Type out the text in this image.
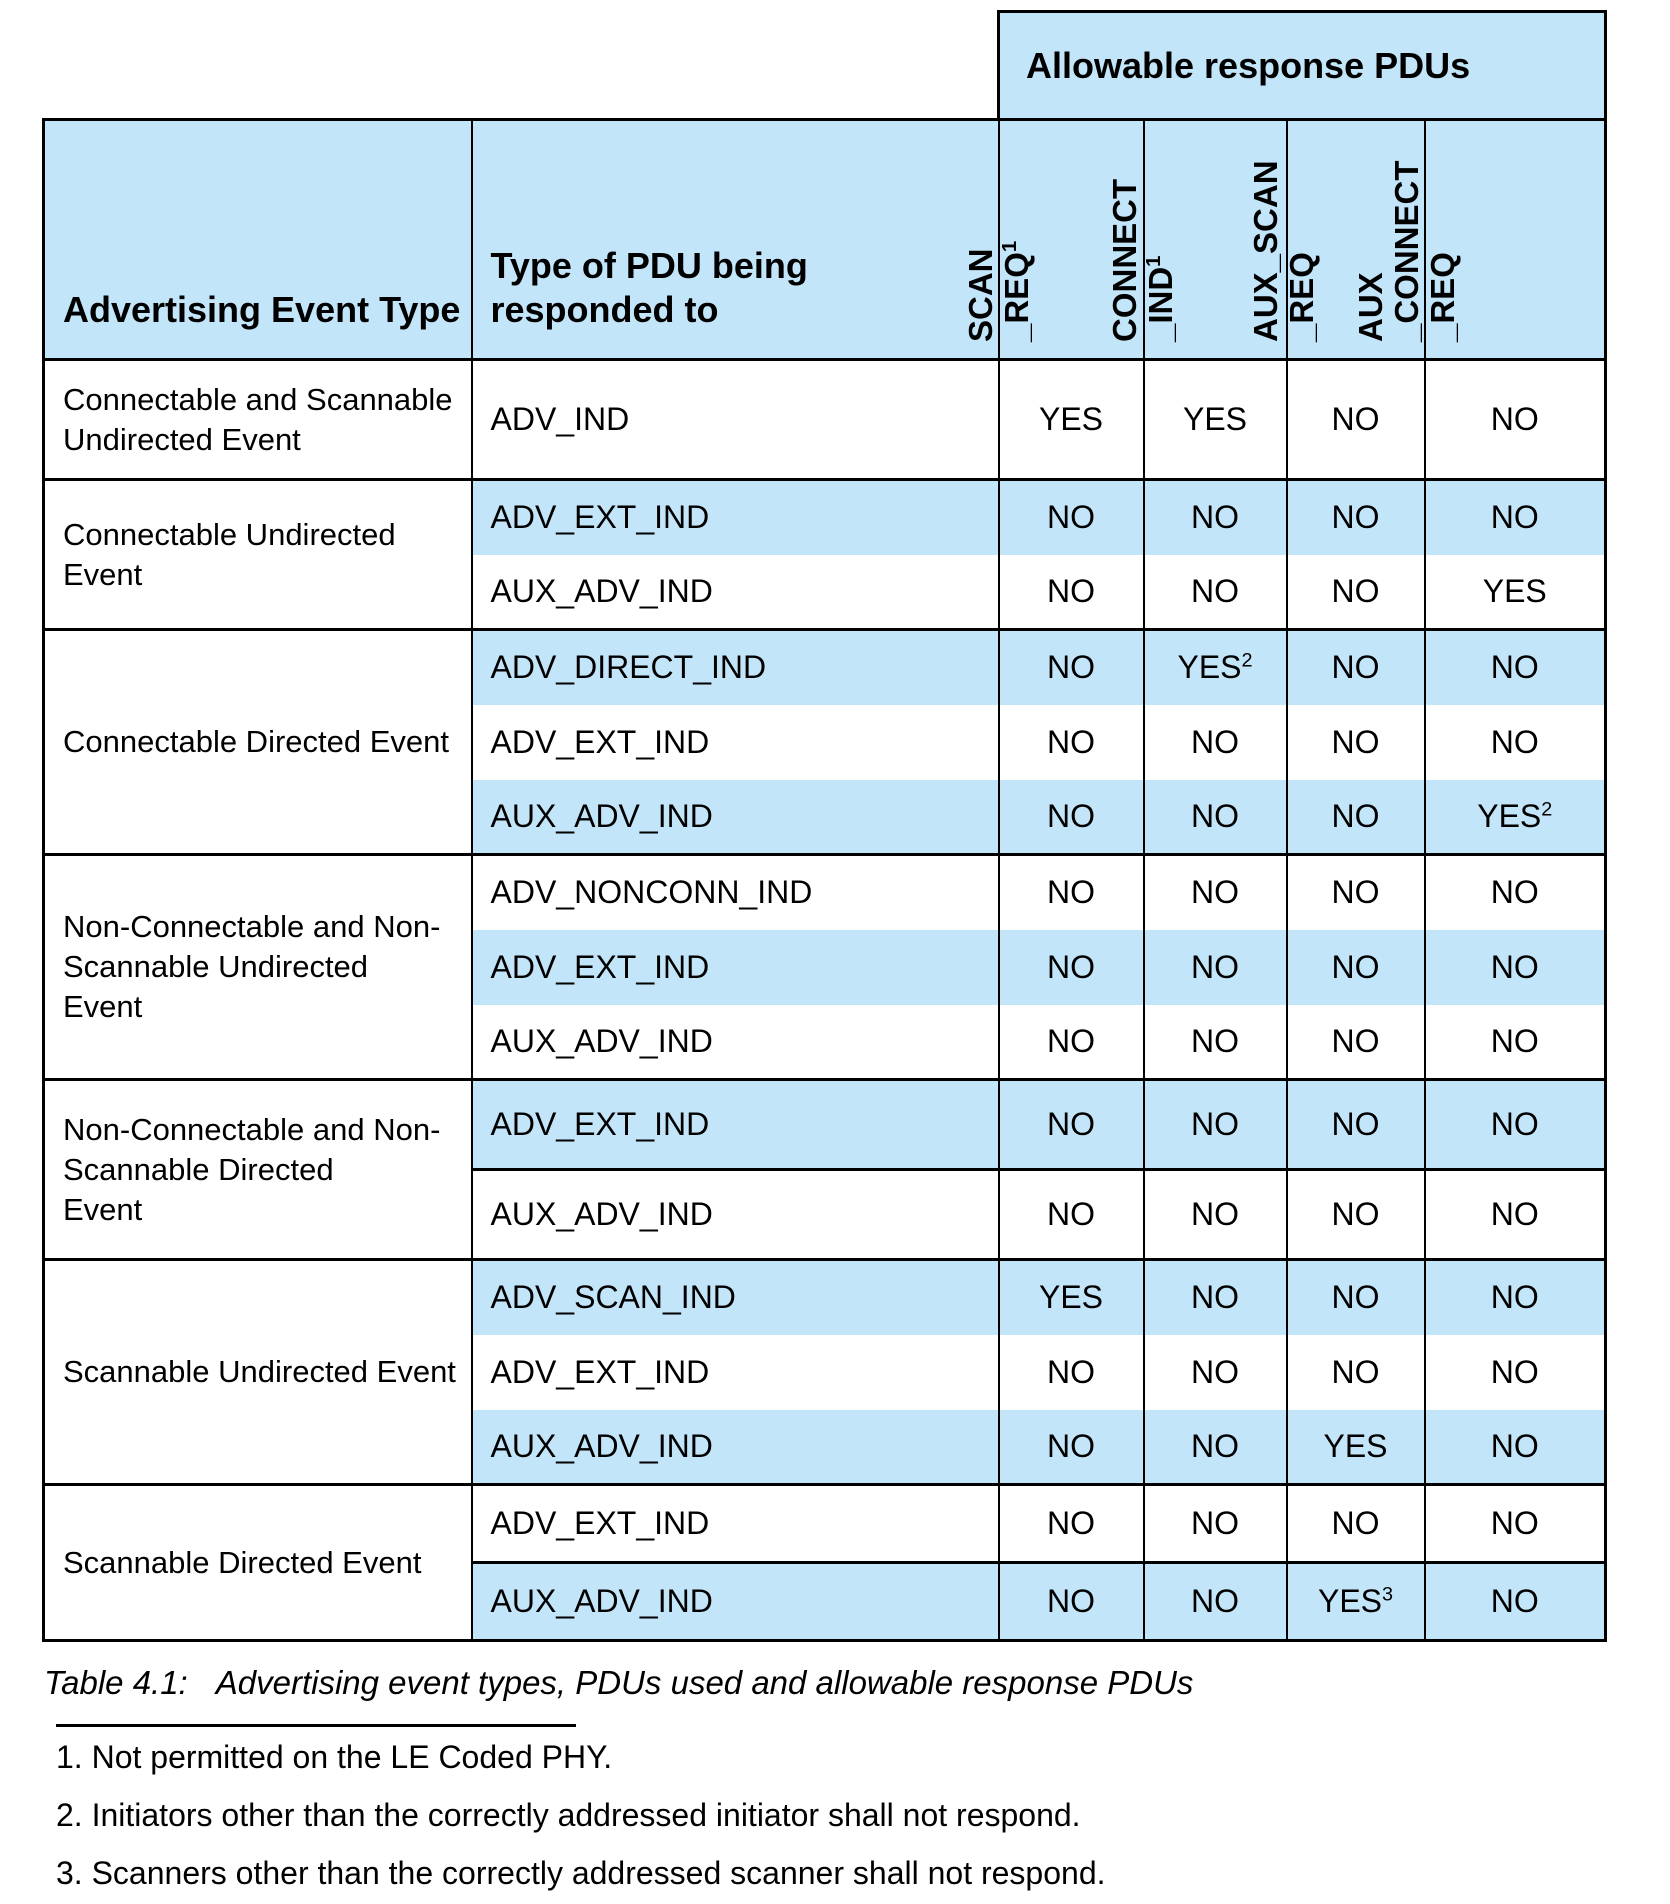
		Allowable response PDUs			
Advertising Event Type	
Type of PDU being
responded to	SCAN _REQ$^1$	CONNECT _IND$^1$	AUX_SCAN _REQ	AUX _CONNECT _REQ

Connectable and Scannable
Undirected Event	ADV_IND	YES	YES	NO	NO

Connectable Undirected
Event	ADV_EXT_IND	NO	NO	NO	NO
	AUX_ADV_IND	NO	NO	NO	YES

Connectable Directed Event	ADV_DIRECT_IND	NO	YES$^2$	NO	NO
	ADV_EXT_IND	NO	NO	NO	NO
	AUX_ADV_IND	NO	NO	NO	YES$^2$

Non-Connectable and Non-
Scannable Undirected
Event	ADV_NONCONN_IND	NO	NO	NO	NO
	ADV_EXT_IND	NO	NO	NO	NO
	AUX_ADV_IND	NO	NO	NO	NO

Non-Connectable and Non-
Scannable Directed
Event	ADV_EXT_IND	NO	NO	NO	NO
	AUX_ADV_IND	NO	NO	NO	NO

Scannable Undirected Event	ADV_SCAN_IND	YES	NO	NO	NO
	ADV_EXT_IND	NO	NO	NO	NO
	AUX_ADV_IND	NO	NO	YES	NO

Scannable Directed Event	ADV_EXT_IND	NO	NO	NO	NO
	AUX_ADV_IND	NO	NO	YES$^3$	NO
Table 4.1: Advertising event types, PDUs used and allowable response PDUs
1. Not permitted on the LE Coded PHY.
2. Initiators other than the correctly addressed initiator shall not respond.
3. Scanners other than the correctly addressed scanner shall not respond.
